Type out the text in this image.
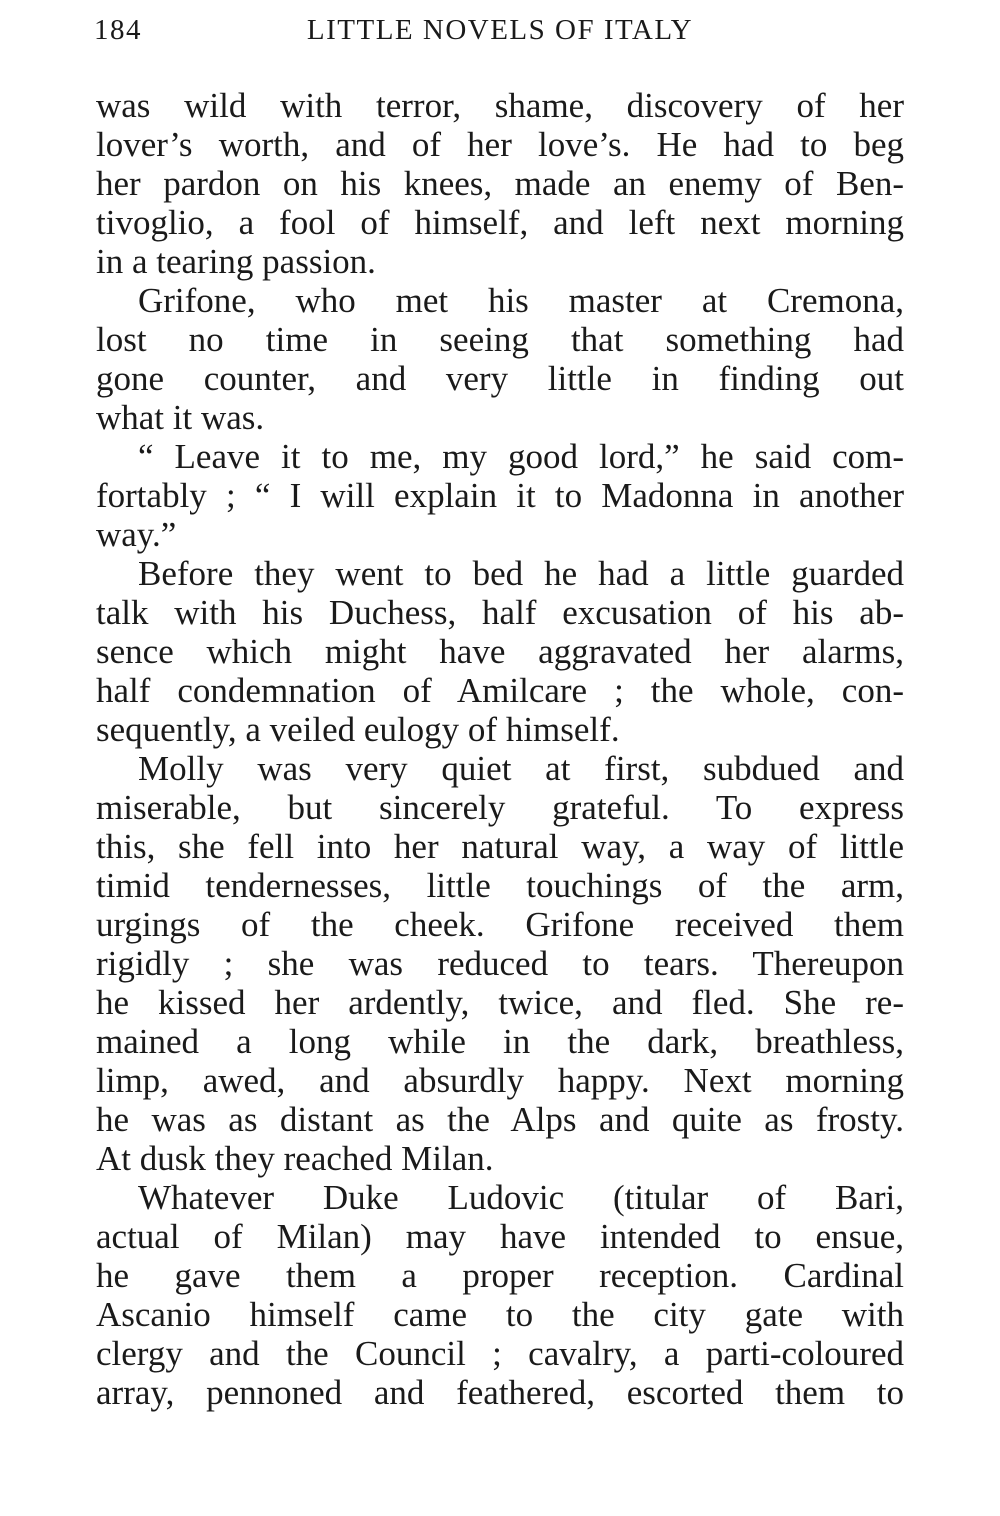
184	LITTLE NOVELS OF ITALY
was wild with terror, shame, discovery of her
lover’s worth, and of her love’s. He had to beg
her pardon on his knees, made an enemy of Ben-
tivoglio, a fool of himself, and left next morning
in a tearing passion.
Grifone, who met his master at Cremona,
lost no time in seeing that something had
gone counter, and very little in finding out
what it was.
“ Leave it to me, my good lord,” he said com-
fortably ; “ I will explain it to Madonna in another
way.”
Before they went to bed he had a little guarded
talk with his Duchess, half excusation of his ab-
sence which might have aggravated her alarms,
half condemnation of Amilcare ; the whole, con-
sequently, a veiled eulogy of himself.
Molly was very quiet at first, subdued and
miserable, but sincerely grateful. To express
this, she fell into her natural way, a way of little
timid tendernesses, little touchings of the arm,
urgings of the cheek. Grifone received them
rigidly ; she was reduced to tears. Thereupon
he kissed her ardently, twice, and fled. She re-
mained a long while in the dark, breathless,
limp, awed, and absurdly happy. Next morning
he was as distant as the Alps and quite as frosty.
At dusk they reached Milan.
Whatever Duke Ludovic (titular of Bari,
actual of Milan) may have intended to ensue,
he gave them a proper reception. Cardinal
Ascanio himself came to the city gate with
clergy and the Council ; cavalry, a parti-coloured
array, pennoned and feathered, escorted them to
